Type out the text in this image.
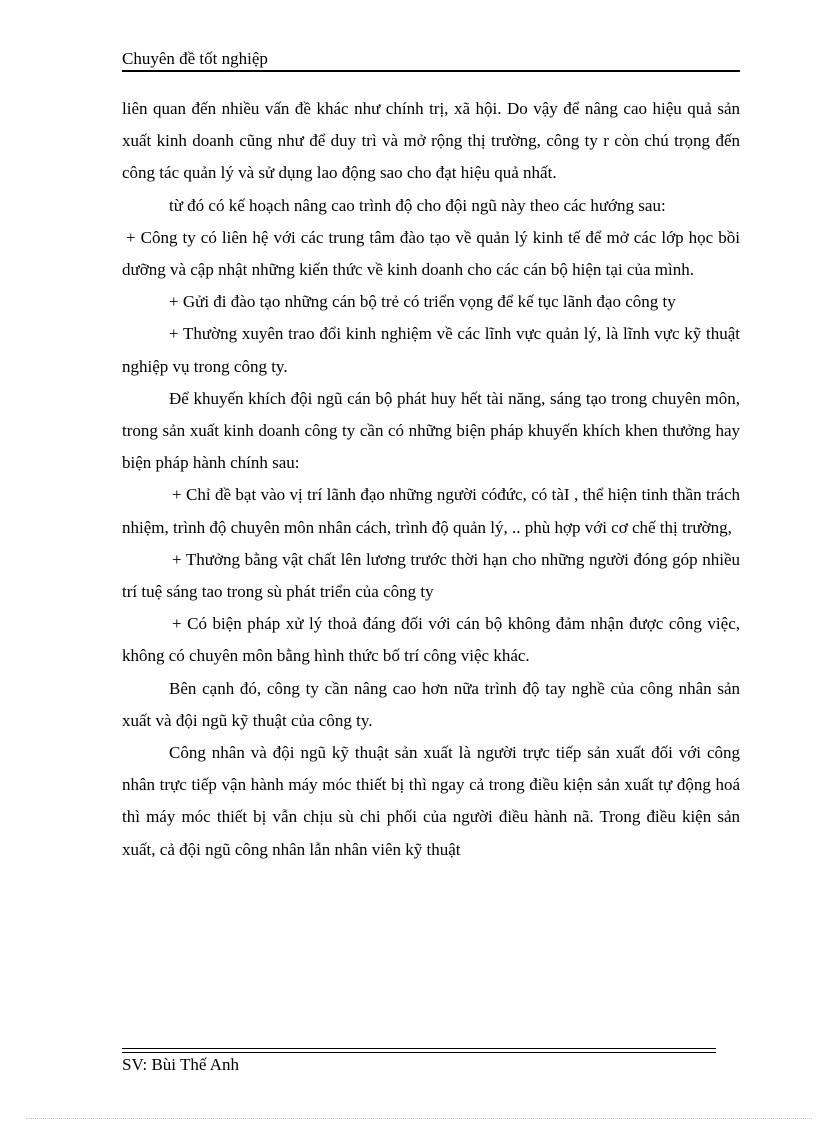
Chuyên đề tốt nghiệp

liên quan đến nhiều vấn đề khác như chính trị, xã hội. Do vậy để nâng cao hiệu quả sản xuất kinh doanh cũng như để duy trì và mở rộng thị trường, công ty r còn chú trọng đến công tác quản lý và sử dụng lao động sao cho đạt hiệu quả nhất.

từ đó có kế hoạch nâng cao trình độ cho đội ngũ này theo các hướng sau:

+ Công ty có liên hệ với các trung tâm đào tạo về quản lý kinh tế để mở các lớp học bồi dưỡng và cập nhật những kiến thức về kinh doanh cho các cán bộ hiện tại của mình.

+ Gửi đi đào tạo những cán bộ trẻ có triển vọng để kế tục lãnh đạo công ty

+ Thường xuyên trao đổi kinh nghiệm về các lĩnh vực quản lý, là lĩnh vực kỹ thuật nghiệp vụ trong công ty.

Để khuyến khích đội ngũ cán bộ phát huy hết tài năng, sáng tạo trong chuyên môn, trong sản xuất kinh doanh công ty cần có những biện pháp khuyến khích khen thưởng hay biện pháp hành chính sau:

+ Chỉ đề bạt vào vị trí lãnh đạo những người cóđức, có tàI , thể hiện tinh thần trách nhiệm, trình độ chuyên môn nhân cách, trình độ quản lý, .. phù hợp với cơ chế thị trường,

+ Thưởng bằng vật chất lên lương trước thời hạn cho những người đóng góp nhiều trí tuệ sáng tao trong sù phát triển của công ty

+ Có biện pháp xử lý thoả đáng đối với cán bộ không đảm nhận được công việc, không có chuyên môn bằng hình thức bố trí công việc khác.

Bên cạnh đó, công ty cần nâng cao hơn nữa trình độ tay nghề của công nhân sản xuất và đội ngũ kỹ thuật của công ty.

Công nhân và đội ngũ kỹ thuật sản xuất là người trực tiếp sản xuất đối với công nhân trực tiếp vận hành máy móc thiết bị thì ngay cả trong điều kiện sản xuất tự động hoá thì máy móc thiết bị vẫn chịu sù chi phối của người điều hành nã. Trong điều kiện sản xuất, cả đội ngũ công nhân lẫn nhân viên kỹ thuật

SV: Bùi Thế Anh
